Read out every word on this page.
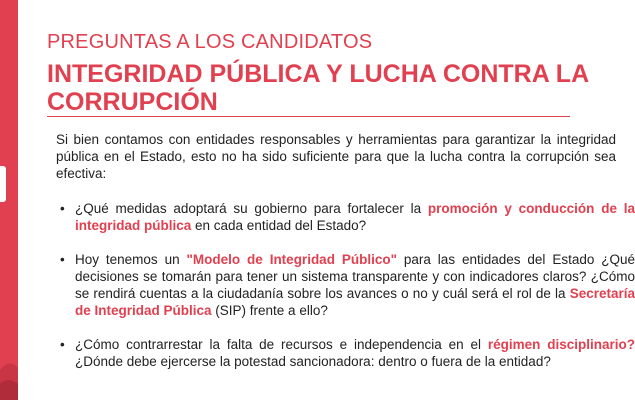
PREGUNTAS A LOS CANDIDATOS
INTEGRIDAD PÚBLICA Y LUCHA CONTRA LA CORRUPCIÓN

Si bien contamos con entidades responsables y herramientas para garantizar la integridad pública en el Estado, esto no ha sido suficiente para que la lucha contra la corrupción sea efectiva:

• ¿Qué medidas adoptará su gobierno para fortalecer la promoción y conducción de la integridad pública en cada entidad del Estado?
• Hoy tenemos un "Modelo de Integridad Público" para las entidades del Estado ¿Qué decisiones se tomarán para tener un sistema transparente y con indicadores claros? ¿Cómo se rendirá cuentas a la ciudadanía sobre los avances o no y cuál será el rol de la Secretaría de Integridad Pública (SIP) frente a ello?
• ¿Cómo contrarrestar la falta de recursos e independencia en el régimen disciplinario? ¿Dónde debe ejercerse la potestad sancionadora: dentro o fuera de la entidad?
